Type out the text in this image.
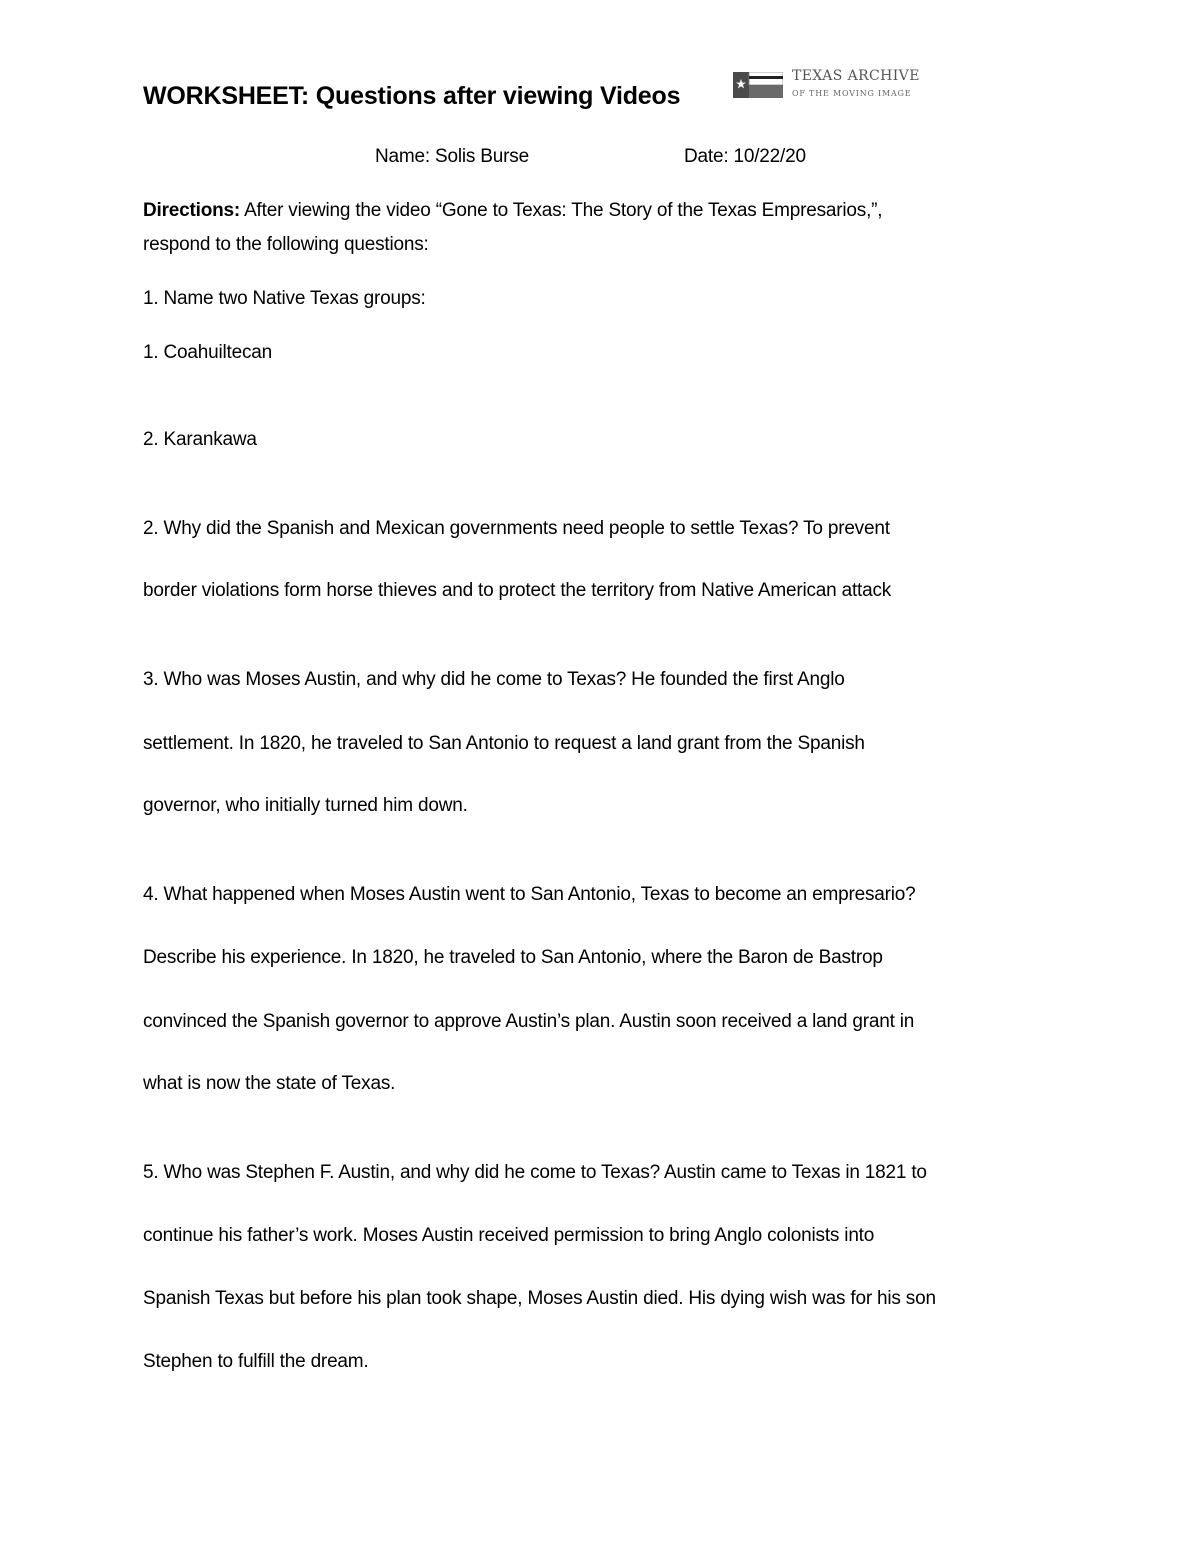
WORKSHEET: Questions after viewing Videos
TEXAS ARCHIVE
OF THE MOVING IMAGE
Name: Solis Burse	Date: 10/22/20
Directions: After viewing the video “Gone to Texas: The Story of the Texas Empresarios,”,
respond to the following questions:
1. Name two Native Texas groups:
1. Coahuiltecan
2. Karankawa
2. Why did the Spanish and Mexican governments need people to settle Texas? To prevent
border violations form horse thieves and to protect the territory from Native American attack
3. Who was Moses Austin, and why did he come to Texas? He founded the first Anglo
settlement. In 1820, he traveled to San Antonio to request a land grant from the Spanish
governor, who initially turned him down.
4. What happened when Moses Austin went to San Antonio, Texas to become an empresario?
Describe his experience. In 1820, he traveled to San Antonio, where the Baron de Bastrop
convinced the Spanish governor to approve Austin’s plan. Austin soon received a land grant in
what is now the state of Texas.
5. Who was Stephen F. Austin, and why did he come to Texas? Austin came to Texas in 1821 to
continue his father’s work. Moses Austin received permission to bring Anglo colonists into
Spanish Texas but before his plan took shape, Moses Austin died. His dying wish was for his son
Stephen to fulfill the dream.
